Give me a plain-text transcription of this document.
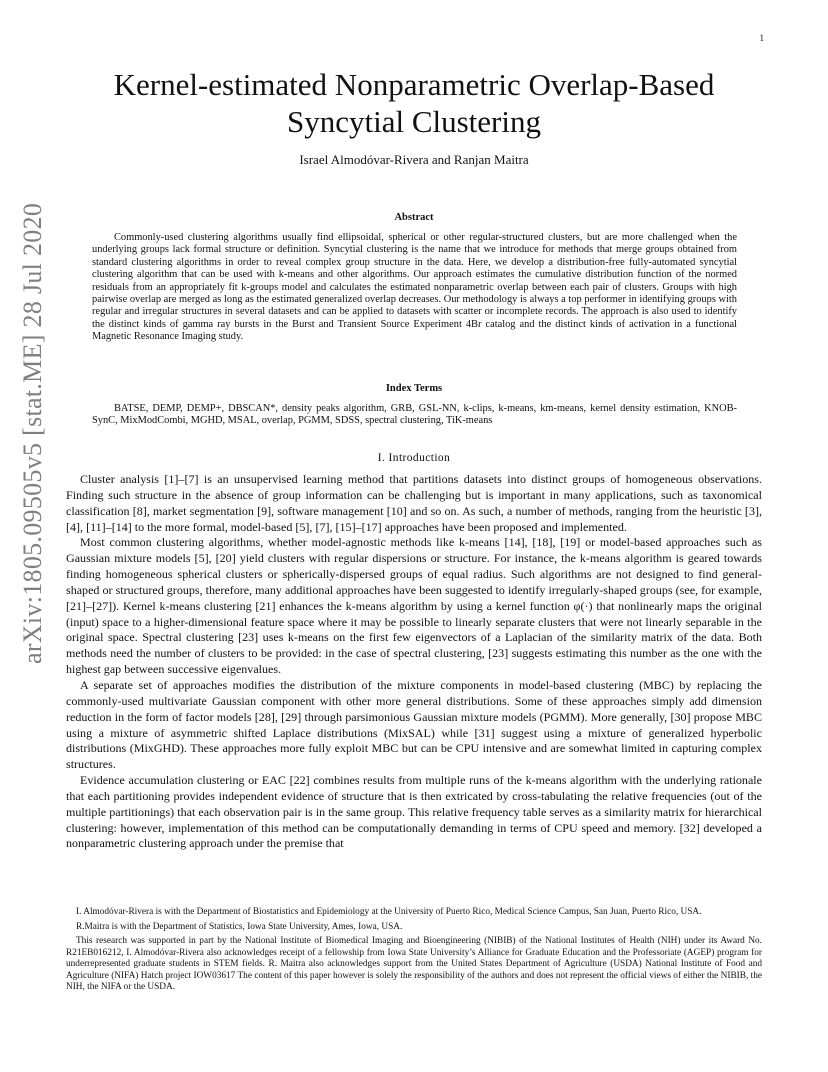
1
arXiv:1805.09505v5 [stat.ME] 28 Jul 2020
Kernel-estimated Nonparametric Overlap-Based
Syncytial Clustering
Israel Almodóvar-Rivera and Ranjan Maitra
Abstract

Commonly-used clustering algorithms usually find ellipsoidal, spherical or other regular-structured clusters, but are more challenged when the underlying groups lack formal structure or definition. Syncytial clustering is the name that we introduce for methods that merge groups obtained from standard clustering algorithms in order to reveal complex group structure in the data. Here, we develop a distribution-free fully-automated syncytial clustering algorithm that can be used with k-means and other algorithms. Our approach estimates the cumulative distribution function of the normed residuals from an appropriately fit k-groups model and calculates the estimated nonparametric overlap between each pair of clusters. Groups with high pairwise overlap are merged as long as the estimated generalized overlap decreases. Our methodology is always a top performer in identifying groups with regular and irregular structures in several datasets and can be applied to datasets with scatter or incomplete records. The approach is also used to identify the distinct kinds of gamma ray bursts in the Burst and Transient Source Experiment 4Br catalog and the distinct kinds of activation in a functional Magnetic Resonance Imaging study.

Index Terms

BATSE, DEMP, DEMP+, DBSCAN*, density peaks algorithm, GRB, GSL-NN, k-clips, k-means, km-means, kernel density estimation, KNOB-SynC, MixModCombi, MGHD, MSAL, overlap, PGMM, SDSS, spectral clustering, TiK-means

I. Introduction

Cluster analysis [1]–[7] is an unsupervised learning method that partitions datasets into distinct groups of homogeneous observations. Finding such structure in the absence of group information can be challenging but is important in many applications, such as taxonomical classification [8], market segmentation [9], software management [10] and so on. As such, a number of methods, ranging from the heuristic [3], [4], [11]–[14] to the more formal, model-based [5], [7], [15]–[17] approaches have been proposed and implemented.

Most common clustering algorithms, whether model-agnostic methods like k-means [14], [18], [19] or model-based approaches such as Gaussian mixture models [5], [20] yield clusters with regular dispersions or structure. For instance, the k-means algorithm is geared towards finding homogeneous spherical clusters or spherically-dispersed groups of equal radius. Such algorithms are not designed to find general-shaped or structured groups, therefore, many additional approaches have been suggested to identify irregularly-shaped groups (see, for example, [21]–[27]). Kernel k-means clustering [21] enhances the k-means algorithm by using a kernel function φ(·) that nonlinearly maps the original (input) space to a higher-dimensional feature space where it may be possible to linearly separate clusters that were not linearly separable in the original space. Spectral clustering [23] uses k-means on the first few eigenvectors of a Laplacian of the similarity matrix of the data. Both methods need the number of clusters to be provided: in the case of spectral clustering, [23] suggests estimating this number as the one with the highest gap between successive eigenvalues.

A separate set of approaches modifies the distribution of the mixture components in model-based clustering (MBC) by replacing the commonly-used multivariate Gaussian component with other more general distributions. Some of these approaches simply add dimension reduction in the form of factor models [28], [29] through parsimonious Gaussian mixture models (PGMM). More generally, [30] propose MBC using a mixture of asymmetric shifted Laplace distributions (MixSAL) while [31] suggest using a mixture of generalized hyperbolic distributions (MixGHD). These approaches more fully exploit MBC but can be CPU intensive and are somewhat limited in capturing complex structures.

Evidence accumulation clustering or EAC [22] combines results from multiple runs of the k-means algorithm with the underlying rationale that each partitioning provides independent evidence of structure that is then extricated by cross-tabulating the relative frequencies (out of the multiple partitionings) that each observation pair is in the same group. This relative frequency table serves as a similarity matrix for hierarchical clustering: however, implementation of this method can be computationally demanding in terms of CPU speed and memory. [32] developed a nonparametric clustering approach under the premise that

I. Almodóvar-Rivera is with the Department of Biostatistics and Epidemiology at the University of Puerto Rico, Medical Science Campus, San Juan, Puerto Rico, USA.

R.Maitra is with the Department of Statistics, Iowa State University, Ames, Iowa, USA.

This research was supported in part by the National Institute of Biomedical Imaging and Bioengineering (NIBIB) of the National Institutes of Health (NIH) under its Award No. R21EB016212, I. Almodóvar-Rivera also acknowledges receipt of a fellowship from Iowa State University’s Alliance for Graduate Education and the Professoriate (AGEP) program for underrepresented graduate students in STEM fields. R. Maitra also acknowledges support from the United States Department of Agriculture (USDA) National Institute of Food and Agriculture (NIFA) Hatch project IOW03617 The content of this paper however is solely the responsibility of the authors and does not represent the official views of either the NIBIB, the NIH, the NIFA or the USDA.
